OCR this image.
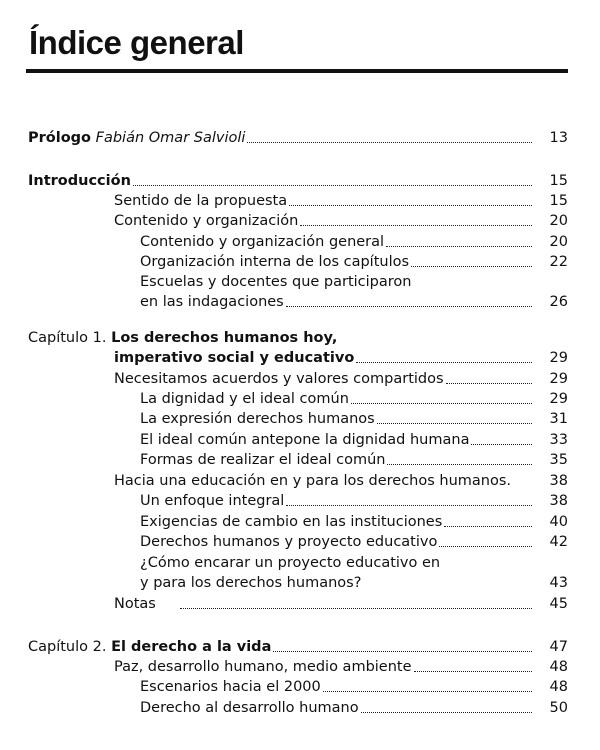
Índice general
Prólogo Fabián Omar Salvioli	13
Introducción	15
Sentido de la propuesta	15
Contenido y organización	20
Contenido y organización general	20
Organización interna de los capítulos	22
Escuelas y docentes que participaron
en las indagaciones	26
Capítulo 1. Los derechos humanos hoy,
imperativo social y educativo	29
Necesitamos acuerdos y valores compartidos	29
La dignidad y el ideal común	29
La expresión derechos humanos	31
El ideal común antepone la dignidad humana	33
Formas de realizar el ideal común	35
Hacia una educación en y para los derechos humanos.	38
Un enfoque integral	38
Exigencias de cambio en las instituciones	40
Derechos humanos y proyecto educativo	42
¿Cómo encarar un proyecto educativo en
y para los derechos humanos?	43
Notas	45
Capítulo 2. El derecho a la vida	47
Paz, desarrollo humano, medio ambiente	48
Escenarios hacia el 2000	48
Derecho al desarrollo humano	50
